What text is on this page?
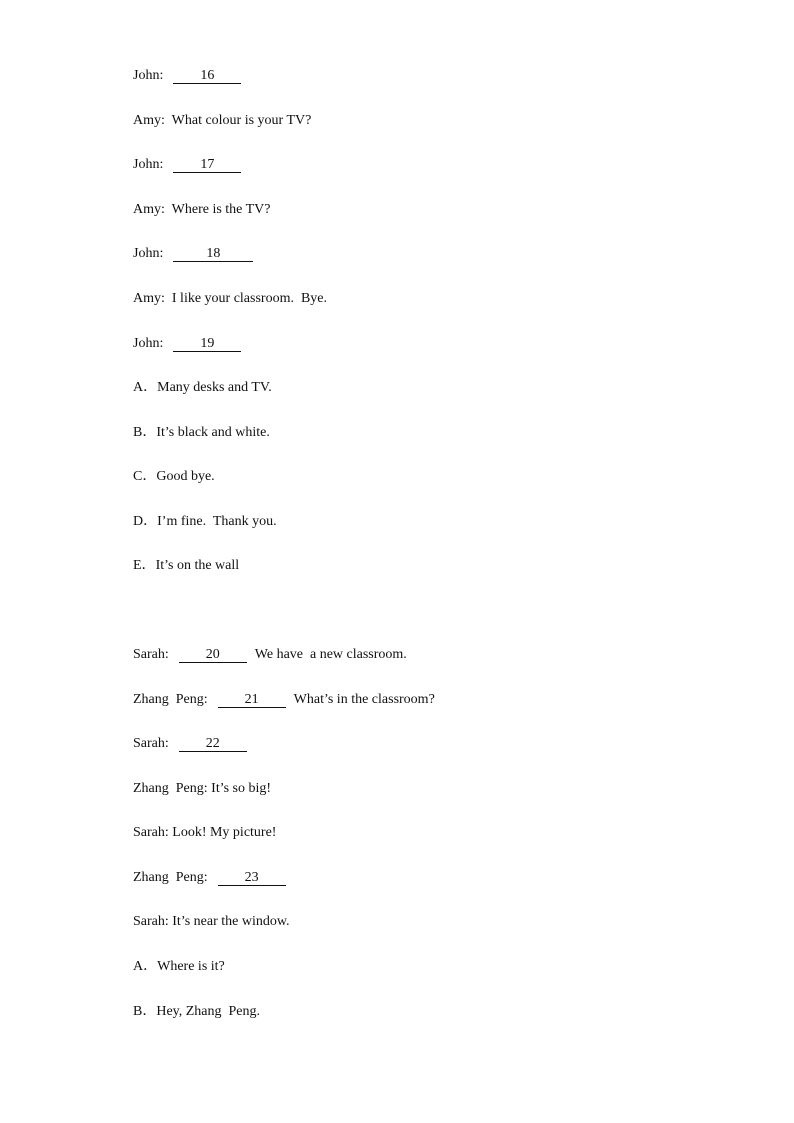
John:	16
Amy: What colour is your TV?
John:	17
Amy: Where is the TV?
John:	18
Amy: I like your classroom.  Bye.
John:	19
A．Many desks and TV.
B．It’s black and white.
C．Good bye.
D．I’m fine.  Thank you.
E．It’s on the wall
Sarah:	20	We have  a new classroom.
Zhang  Peng:	21	What’s in the classroom?
Sarah:	22
Zhang  Peng: It’s so big!
Sarah: Look! My picture!
Zhang  Peng:	23
Sarah: It’s near the window.
A．Where is it?
B．Hey, Zhang  Peng.
